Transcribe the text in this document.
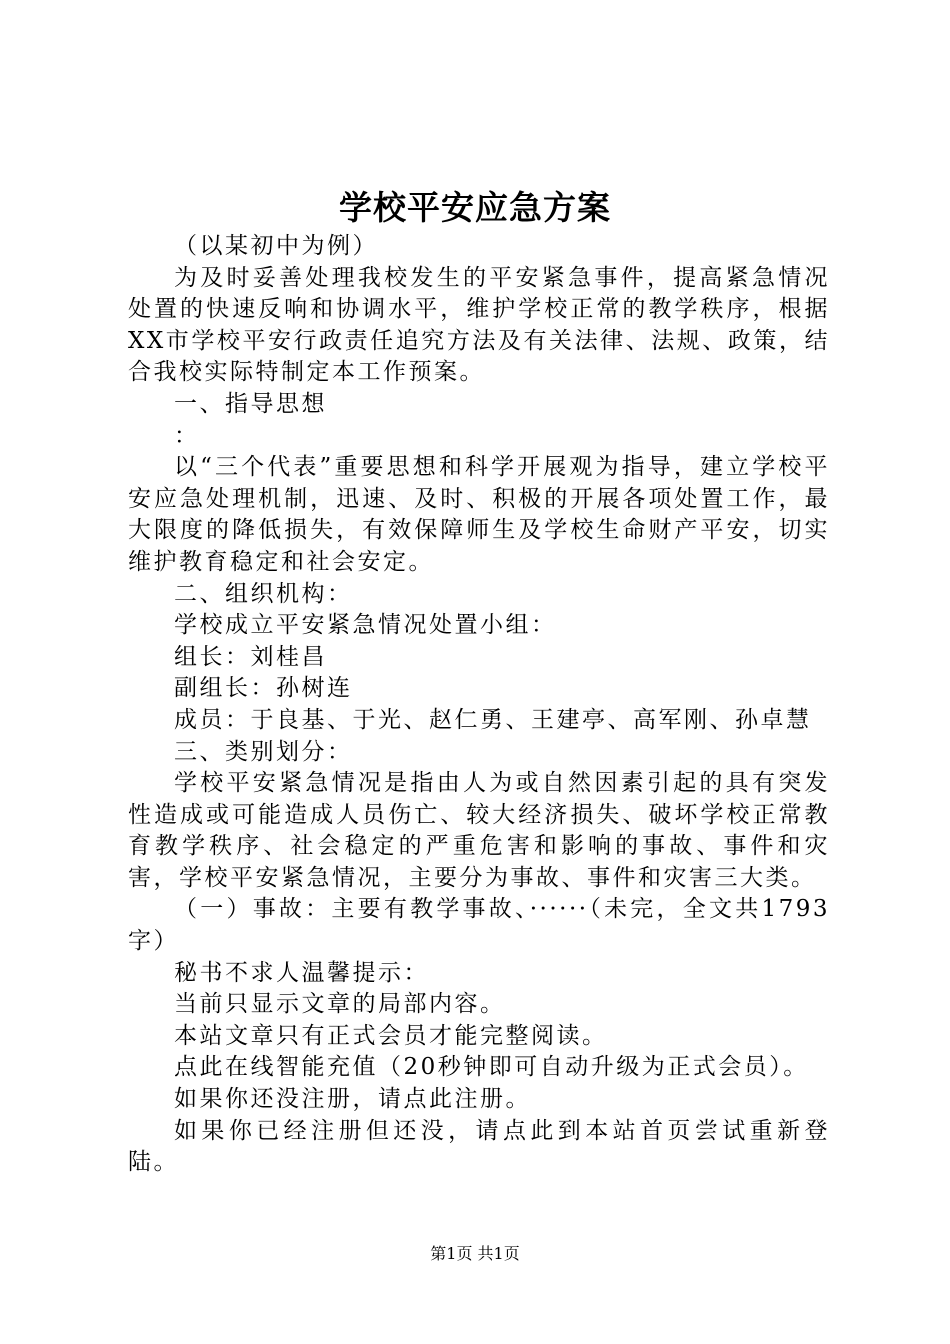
学校平安应急方案

（以某初中为例）

为及时妥善处理我校发生的平安紧急事件，提高紧急情况处置的快速反响和协调水平，维护学校正常的教学秩序，根据XX市学校平安行政责任追究方法及有关法律、法规、政策，结合我校实际特制定本工作预案。

一、指导思想

：

以“三个代表”重要思想和科学开展观为指导，建立学校平安应急处理机制，迅速、及时、积极的开展各项处置工作，最大限度的降低损失，有效保障师生及学校生命财产平安，切实维护教育稳定和社会安定。

二、组织机构：

学校成立平安紧急情况处置小组：

组长：刘桂昌

副组长：孙树连

成员：于良基、于光、赵仁勇、王建亭、高军刚、孙卓慧

三、类别划分：

学校平安紧急情况是指由人为或自然因素引起的具有突发性造成或可能造成人员伤亡、较大经济损失、破坏学校正常教育教学秩序、社会稳定的严重危害和影响的事故、事件和灾害，学校平安紧急情况，主要分为事故、事件和灾害三大类。

（一）事故：主要有教学事故、······（未完，全文共1793字）

秘书不求人温馨提示：

当前只显示文章的局部内容。

本站文章只有正式会员才能完整阅读。

点此在线智能充值（20秒钟即可自动升级为正式会员）。

如果你还没注册，请点此注册。

如果你已经注册但还没，请点此到本站首页尝试重新登陆。

第1页 共1页
